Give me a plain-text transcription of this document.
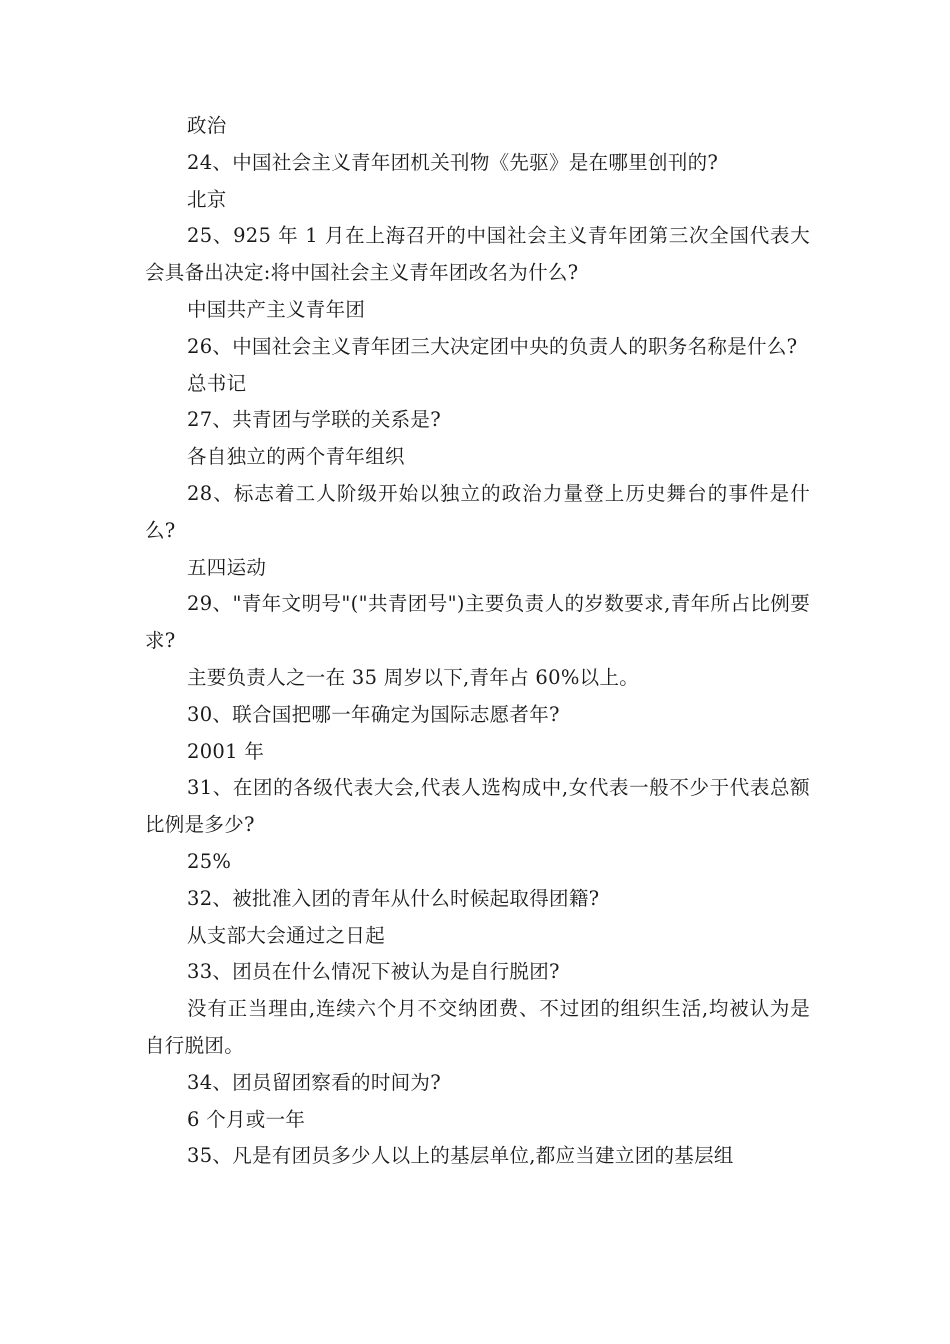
政治

24、中国社会主义青年团机关刊物《先驱》是在哪里创刊的?

北京

25、925 年 1 月在上海召开的中国社会主义青年团第三次全国代表大会具备出决定:将中国社会主义青年团改名为什么?

中国共产主义青年团

26、中国社会主义青年团三大决定团中央的负责人的职务名称是什么?

总书记

27、共青团与学联的关系是?

各自独立的两个青年组织

28、标志着工人阶级开始以独立的政治力量登上历史舞台的事件是什么?

五四运动

29、"青年文明号"("共青团号")主要负责人的岁数要求,青年所占比例要求?

主要负责人之一在 35 周岁以下,青年占 60%以上。

30、联合国把哪一年确定为国际志愿者年?

2001 年

31、在团的各级代表大会,代表人选构成中,女代表一般不少于代表总额比例是多少?

25%

32、被批准入团的青年从什么时候起取得团籍?

从支部大会通过之日起

33、团员在什么情况下被认为是自行脱团?

没有正当理由,连续六个月不交纳团费、不过团的组织生活,均被认为是自行脱团。

34、团员留团察看的时间为?

6 个月或一年

35、凡是有团员多少人以上的基层单位,都应当建立团的基层组
